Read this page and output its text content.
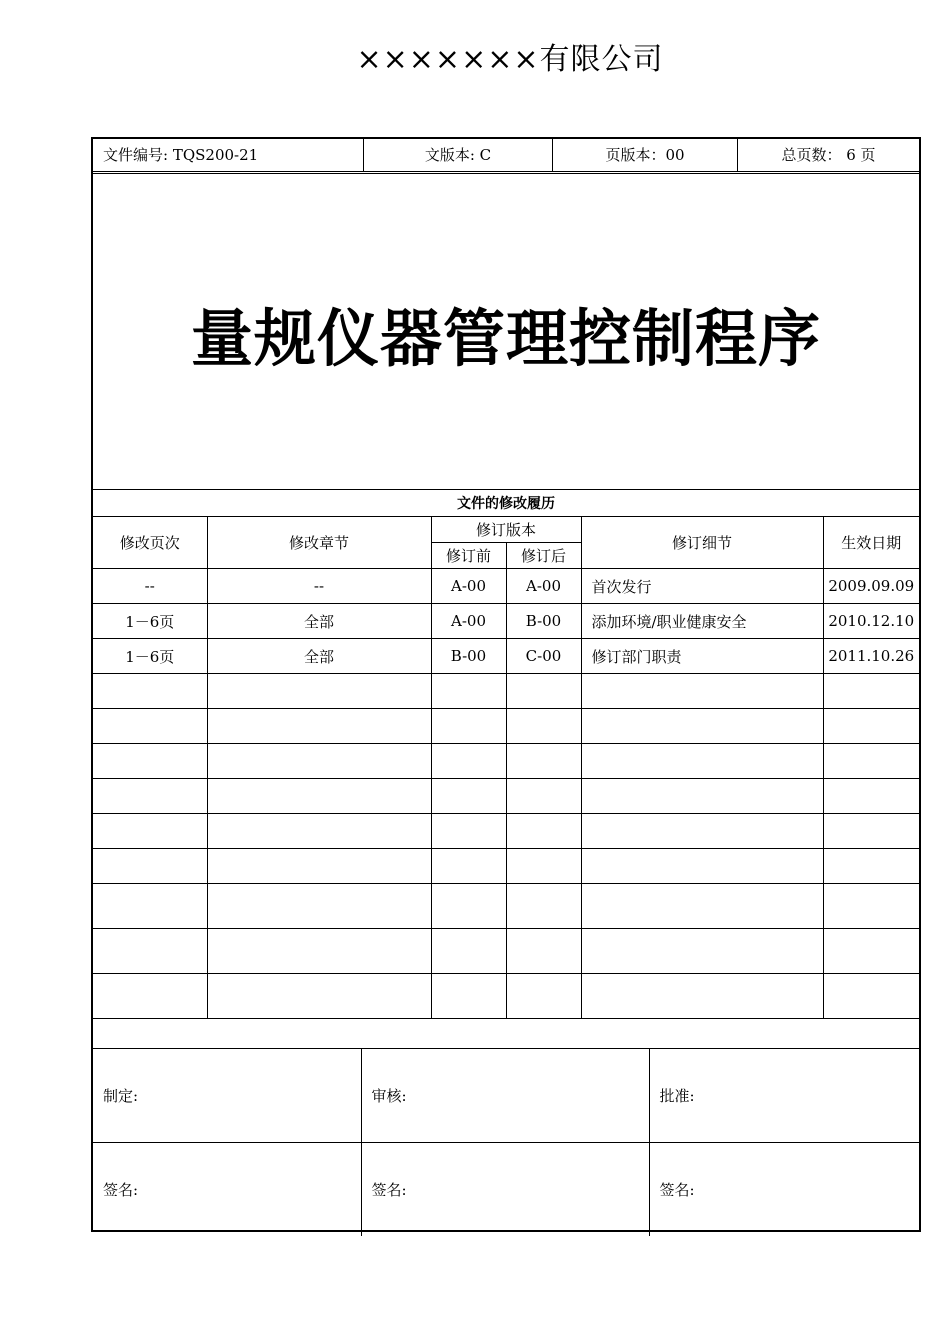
×××××××有限公司
文件编号: TQS200-21	文版本: C	页版本：00	总页数： 6 页
量规仪器管理控制程序
文件的修改履历					
修改页次	修改章节	修订版本		修订细节	生效日期
		修订前	修订后		
--	--	A-00	A-00	首次发行	2009.09.09
1－6页	全部	A-00	B-00	添加环境/职业健康安全	2010.12.10
1－6页	全部	B-00	C-00	修订部门职责	2011.10.26

制定:	审核:	批准:
签名:	签名:	签名:
